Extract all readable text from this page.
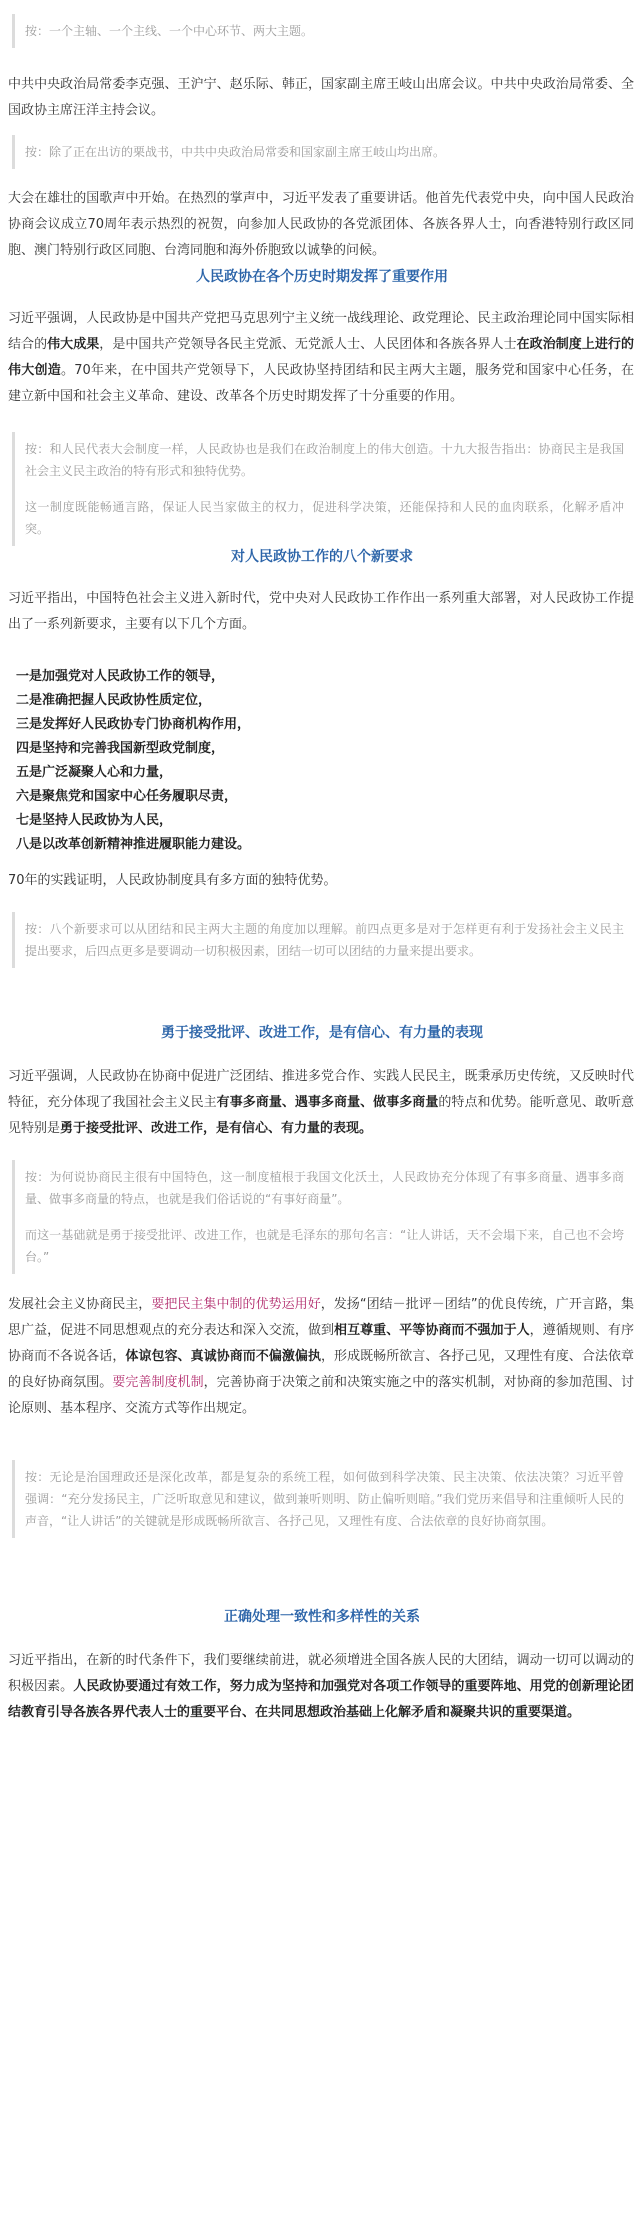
按：一个主轴、一个主线、一个中心环节、两大主题。

中共中央政治局常委李克强、王沪宁、赵乐际、韩正，国家副主席王岐山出席会议。中共中央政治局常委、全国政协主席汪洋主持会议。

按：除了正在出访的栗战书，中共中央政治局常委和国家副主席王岐山均出席。

大会在雄壮的国歌声中开始。在热烈的掌声中，习近平发表了重要讲话。他首先代表党中央，向中国人民政治协商会议成立70周年表示热烈的祝贺，向参加人民政协的各党派团体、各族各界人士，向香港特别行政区同胞、澳门特别行政区同胞、台湾同胞和海外侨胞致以诚挚的问候。

人民政协在各个历史时期发挥了重要作用

习近平强调，人民政协是中国共产党把马克思列宁主义统一战线理论、政党理论、民主政治理论同中国实际相结合的伟大成果，是中国共产党领导各民主党派、无党派人士、人民团体和各族各界人士在政治制度上进行的伟大创造。70年来，在中国共产党领导下，人民政协坚持团结和民主两大主题，服务党和国家中心任务，在建立新中国和社会主义革命、建设、改革各个历史时期发挥了十分重要的作用。

按：和人民代表大会制度一样，人民政协也是我们在政治制度上的伟大创造。十九大报告指出：协商民主是我国社会主义民主政治的特有形式和独特优势。

这一制度既能畅通言路，保证人民当家做主的权力，促进科学决策，还能保持和人民的血肉联系，化解矛盾冲突。

对人民政协工作的八个新要求

习近平指出，中国特色社会主义进入新时代，党中央对人民政协工作作出一系列重大部署，对人民政协工作提出了一系列新要求，主要有以下几个方面。

一是加强党对人民政协工作的领导，
二是准确把握人民政协性质定位，
三是发挥好人民政协专门协商机构作用，
四是坚持和完善我国新型政党制度，
五是广泛凝聚人心和力量，
六是聚焦党和国家中心任务履职尽责，
七是坚持人民政协为人民，
八是以改革创新精神推进履职能力建设。

70年的实践证明，人民政协制度具有多方面的独特优势。

按：八个新要求可以从团结和民主两大主题的角度加以理解。前四点更多是对于怎样更有利于发扬社会主义民主提出要求，后四点更多是要调动一切积极因素，团结一切可以团结的力量来提出要求。

勇于接受批评、改进工作，是有信心、有力量的表现

习近平强调，人民政协在协商中促进广泛团结、推进多党合作、实践人民民主，既秉承历史传统，又反映时代特征，充分体现了我国社会主义民主有事多商量、遇事多商量、做事多商量的特点和优势。能听意见、敢听意见特别是勇于接受批评、改进工作，是有信心、有力量的表现。

按：为何说协商民主很有中国特色，这一制度植根于我国文化沃土，人民政协充分体现了有事多商量、遇事多商量、做事多商量的特点，也就是我们俗话说的“有事好商量”。

而这一基础就是勇于接受批评、改进工作，也就是毛泽东的那句名言：“让人讲话，天不会塌下来，自己也不会垮台。”

发展社会主义协商民主，要把民主集中制的优势运用好，发扬“团结－批评－团结”的优良传统，广开言路，集思广益，促进不同思想观点的充分表达和深入交流，做到相互尊重、平等协商而不强加于人，遵循规则、有序协商而不各说各话，体谅包容、真诚协商而不偏激偏执，形成既畅所欲言、各抒己见，又理性有度、合法依章的良好协商氛围。要完善制度机制，完善协商于决策之前和决策实施之中的落实机制，对协商的参加范围、讨论原则、基本程序、交流方式等作出规定。

按：无论是治国理政还是深化改革，都是复杂的系统工程，如何做到科学决策、民主决策、依法决策？习近平曾强调：“充分发扬民主，广泛听取意见和建议，做到兼听则明、防止偏听则暗。”我们党历来倡导和注重倾听人民的声音，“让人讲话”的关键就是形成既畅所欲言、各抒己见，又理性有度、合法依章的良好协商氛围。

正确处理一致性和多样性的关系

习近平指出，在新的时代条件下，我们要继续前进，就必须增进全国各族人民的大团结，调动一切可以调动的积极因素。人民政协要通过有效工作，努力成为坚持和加强党对各项工作领导的重要阵地、用党的创新理论团结教育引导各族各界代表人士的重要平台、在共同思想政治基础上化解矛盾和凝聚共识的重要渠道。
